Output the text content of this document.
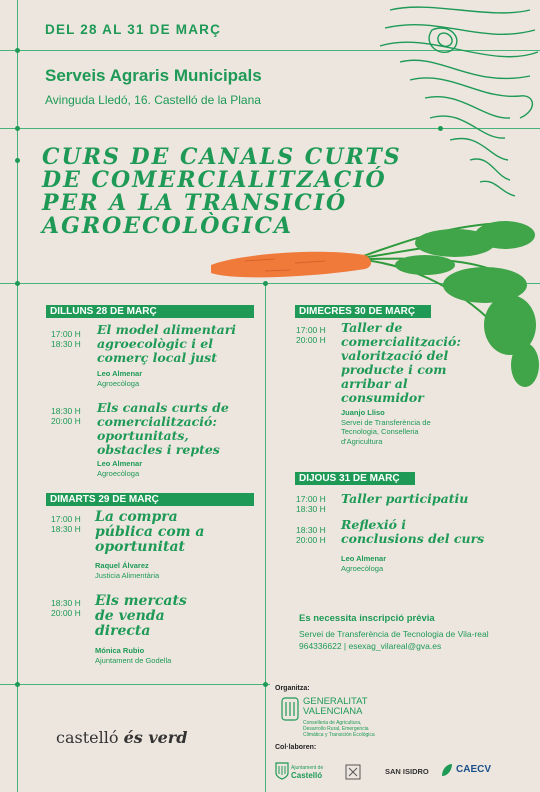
DEL 28 AL 31 DE MARÇ
Serveis Agraris Municipals
Avinguda Lledó, 16. Castelló de la Plana
CURS DE CANALS CURTS
DE COMERCIALITZACIÓ
PER A LA TRANSICIÓ
AGROECOLÒGICA
DILLUNS 28 DE MARÇ
17:00 H
18:30 H
El model alimentari
agroecològic i el
comerç local just
Leo Almenar
Agroecòloga
18:30 H
20:00 H
Els canals curts de
comercialització:
oportunitats,
obstacles i reptes
Leo Almenar
Agroecòloga
DIMARTS 29 DE MARÇ
17:00 H
18:30 H
La compra
pública com a
oportunitat
Raquel Álvarez
Justicia Alimentària
18:30 H
20:00 H
Els mercats
de venda
directa
Mónica Rubio
Ajuntament de Godella
DIMECRES 30 DE MARÇ
17:00 H
20:00 H
Taller de
comercialització:
valorització del
producte i com
arribar al
consumidor
Juanjo Lliso
Servei de Transferència de
Tecnologia, Conselleria
d'Agricultura
DIJOUS 31 DE MARÇ
17:00 H
18:30 H
Taller participatiu
18:30 H
20:00 H
Reflexió i
conclusions del curs
Leo Almenar
Agroecòloga
Es necessita inscripció prèvia
Servei de Transferència de Tecnologia de Vila-real
964336622 | esexag_vilareal@gva.es
castelló és verd
Organitza:
GENERALITAT
VALENCIANA
Conselleria de Agricultura,
Desarrollo Rural, Emergencia
Climática y Transición Ecológica
Col·laboren:
Ajuntament de
Castelló	SAN ISIDRO	CAECV
